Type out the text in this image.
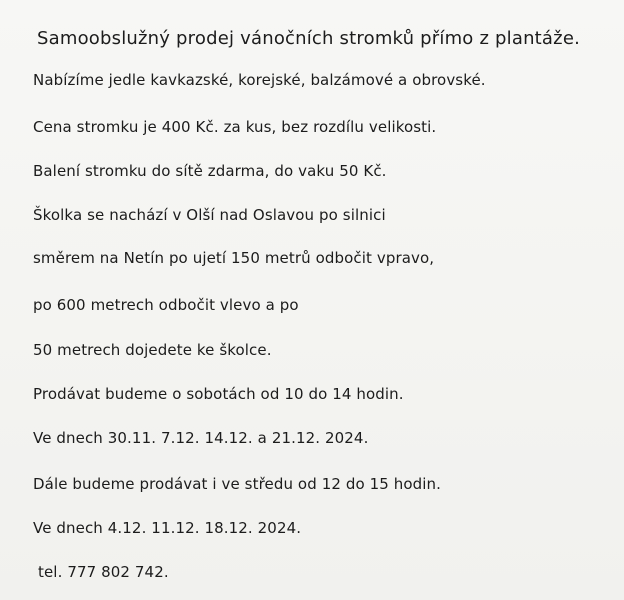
Samoobslužný prodej vánočních stromků přímo z plantáže.
Nabízíme jedle kavkazské, korejské, balzámové a obrovské.
Cena stromku je 400 Kč. za kus, bez rozdílu velikosti.
Balení stromku do sítě zdarma, do vaku 50 Kč.
Školka se nachází v Olší nad Oslavou po silnici
směrem na Netín po ujetí 150 metrů odbočit vpravo,
po 600 metrech odbočit vlevo a po
50 metrech dojedete ke školce.
Prodávat budeme o sobotách od 10 do 14 hodin.
Ve dnech 30.11. 7.12. 14.12. a 21.12. 2024.
Dále budeme prodávat i ve středu od 12 do 15 hodin.
Ve dnech 4.12. 11.12. 18.12. 2024.
tel. 777 802 742.
